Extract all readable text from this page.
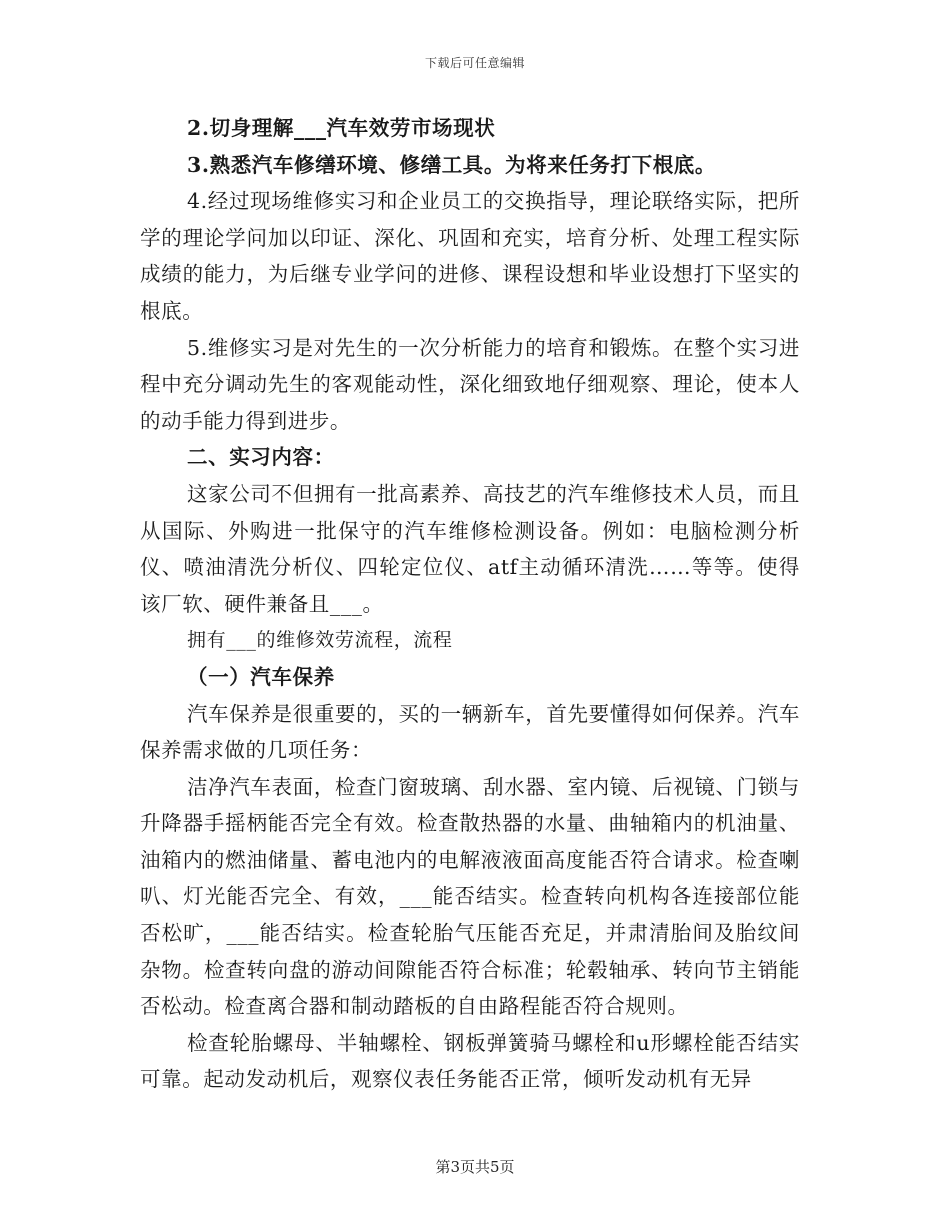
下载后可任意编辑

2.切身理解___汽车效劳市场现状

3.熟悉汽车修缮环境、修缮工具。为将来任务打下根底。

4.经过现场维修实习和企业员工的交换指导，理论联络实际，把所学的理论学问加以印证、深化、巩固和充实，培育分析、处理工程实际成绩的能力，为后继专业学问的进修、课程设想和毕业设想打下坚实的根底。

5.维修实习是对先生的一次分析能力的培育和锻炼。在整个实习进程中充分调动先生的客观能动性，深化细致地仔细观察、理论，使本人的动手能力得到进步。

二、实习内容：

这家公司不但拥有一批高素养、高技艺的汽车维修技术人员，而且从国际、外购进一批保守的汽车维修检测设备。例如：电脑检测分析仪、喷油清洗分析仪、四轮定位仪、atf主动循环清洗……等等。使得该厂软、硬件兼备且___。

拥有___的维修效劳流程，流程

（一）汽车保养

汽车保养是很重要的，买的一辆新车，首先要懂得如何保养。汽车保养需求做的几项任务：

洁净汽车表面，检查门窗玻璃、刮水器、室内镜、后视镜、门锁与升降器手摇柄能否完全有效。检查散热器的水量、曲轴箱内的机油量、油箱内的燃油储量、蓄电池内的电解液液面高度能否符合请求。检查喇叭、灯光能否完全、有效，___能否结实。检查转向机构各连接部位能否松旷，___能否结实。检查轮胎气压能否充足，并肃清胎间及胎纹间杂物。检查转向盘的游动间隙能否符合标准；轮毂轴承、转向节主销能否松动。检查离合器和制动踏板的自由路程能否符合规则。

检查轮胎螺母、半轴螺栓、钢板弹簧骑马螺栓和u形螺栓能否结实可靠。起动发动机后，观察仪表任务能否正常，倾听发动机有无异

第3页共5页
